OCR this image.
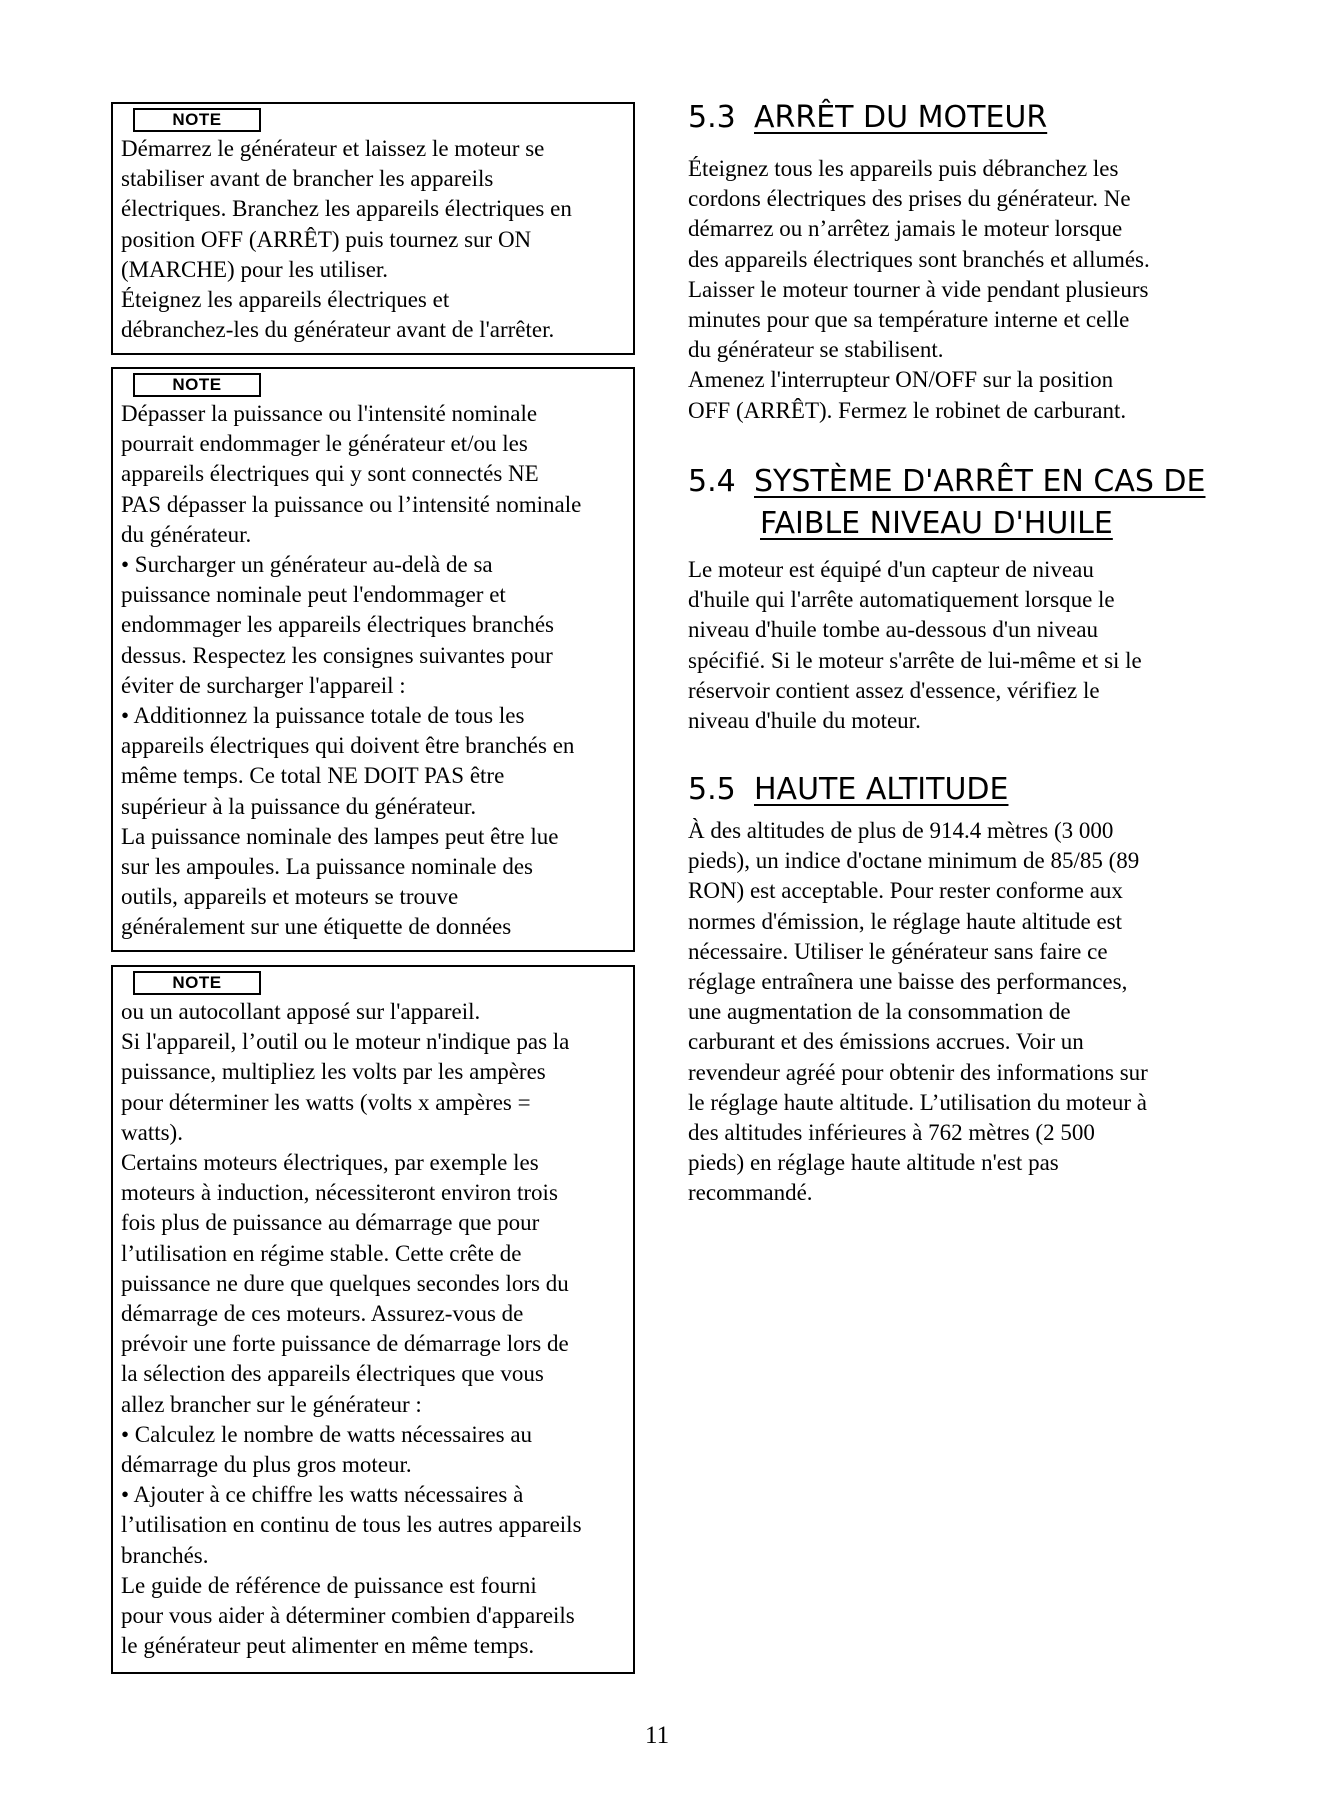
NOTE
Démarrez le générateur et laissez le moteur se
stabiliser avant de brancher les appareils
électriques. Branchez les appareils électriques en
position OFF (ARRÊT) puis tournez sur ON
(MARCHE) pour les utiliser.
Éteignez les appareils électriques et
débranchez-les du générateur avant de l'arrêter.
NOTE
Dépasser la puissance ou l'intensité nominale
pourrait endommager le générateur et/ou les
appareils électriques qui y sont connectés NE
PAS dépasser la puissance ou l’intensité nominale
du générateur.
• Surcharger un générateur au-delà de sa
puissance nominale peut l'endommager et
endommager les appareils électriques branchés
dessus. Respectez les consignes suivantes pour
éviter de surcharger l'appareil :
• Additionnez la puissance totale de tous les
appareils électriques qui doivent être branchés en
même temps. Ce total NE DOIT PAS être
supérieur à la puissance du générateur.
La puissance nominale des lampes peut être lue
sur les ampoules. La puissance nominale des
outils, appareils et moteurs se trouve
généralement sur une étiquette de données
NOTE
ou un autocollant apposé sur l'appareil.
Si l'appareil, l’outil ou le moteur n'indique pas la
puissance, multipliez les volts par les ampères
pour déterminer les watts (volts x ampères =
watts).
Certains moteurs électriques, par exemple les
moteurs à induction, nécessiteront environ trois
fois plus de puissance au démarrage que pour
l’utilisation en régime stable. Cette crête de
puissance ne dure que quelques secondes lors du
démarrage de ces moteurs. Assurez-vous de
prévoir une forte puissance de démarrage lors de
la sélection des appareils électriques que vous
allez brancher sur le générateur :
• Calculez le nombre de watts nécessaires au
démarrage du plus gros moteur.
• Ajouter à ce chiffre les watts nécessaires à
l’utilisation en continu de tous les autres appareils
branchés.
Le guide de référence de puissance est fourni
pour vous aider à déterminer combien d'appareils
le générateur peut alimenter en même temps.
5.3 ARRÊT DU MOTEUR
Éteignez tous les appareils puis débranchez les
cordons électriques des prises du générateur. Ne
démarrez ou n’arrêtez jamais le moteur lorsque
des appareils électriques sont branchés et allumés.
Laisser le moteur tourner à vide pendant plusieurs
minutes pour que sa température interne et celle
du générateur se stabilisent.
Amenez l'interrupteur ON/OFF sur la position
OFF (ARRÊT). Fermez le robinet de carburant.
5.4 SYSTÈME D'ARRÊT EN CAS DE
FAIBLE NIVEAU D'HUILE
Le moteur est équipé d'un capteur de niveau
d'huile qui l'arrête automatiquement lorsque le
niveau d'huile tombe au-dessous d'un niveau
spécifié. Si le moteur s'arrête de lui-même et si le
réservoir contient assez d'essence, vérifiez le
niveau d'huile du moteur.
5.5 HAUTE ALTITUDE
À des altitudes de plus de 914.4 mètres (3 000
pieds), un indice d'octane minimum de 85/85 (89
RON) est acceptable. Pour rester conforme aux
normes d'émission, le réglage haute altitude est
nécessaire. Utiliser le générateur sans faire ce
réglage entraînera une baisse des performances,
une augmentation de la consommation de
carburant et des émissions accrues. Voir un
revendeur agréé pour obtenir des informations sur
le réglage haute altitude. L’utilisation du moteur à
des altitudes inférieures à 762 mètres (2 500
pieds) en réglage haute altitude n'est pas
recommandé.
11
